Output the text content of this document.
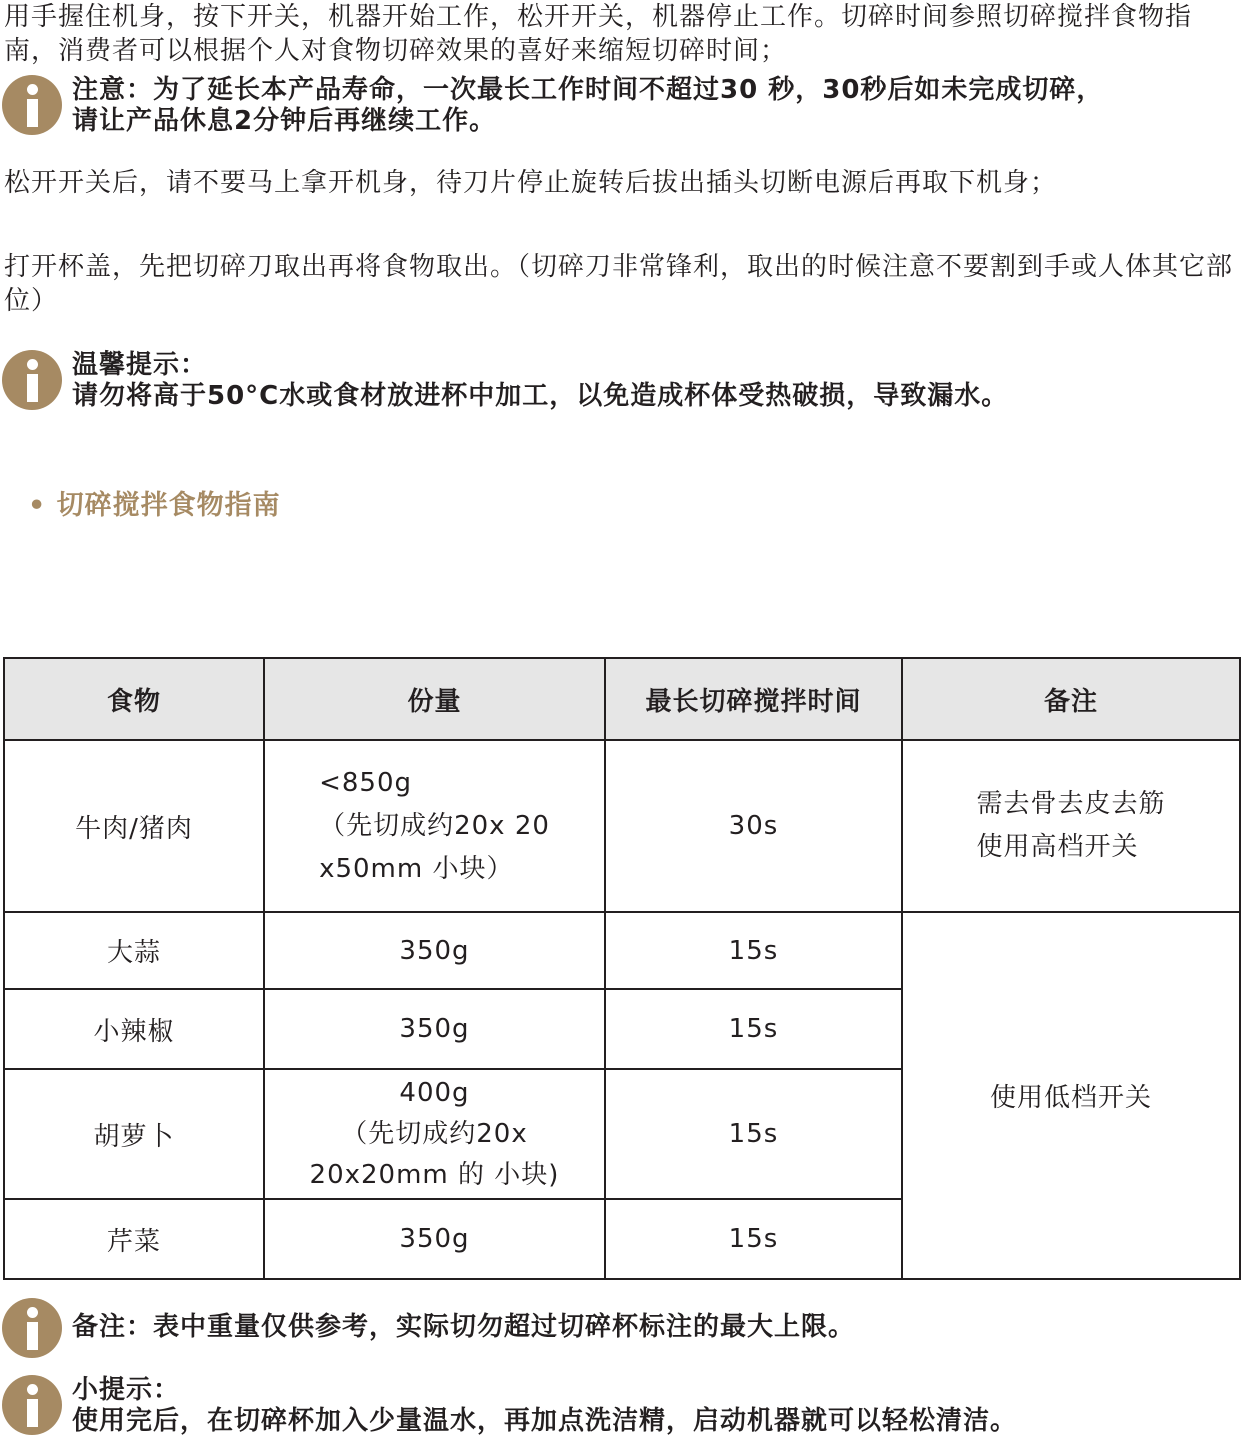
用手握住机身，按下开关，机器开始工作，松开开关，机器停止工作。切碎时间参照切碎搅拌食物指南，消费者可以根据个人对食物切碎效果的喜好来缩短切碎时间；

注意：为了延长本产品寿命，一次最长工作时间不超过30 秒，30秒后如未完成切碎，
请让产品休息2分钟后再继续工作。

松开开关后，请不要马上拿开机身，待刀片停止旋转后拔出插头切断电源后再取下机身；

打开杯盖，先把切碎刀取出再将食物取出。（切碎刀非常锋利，取出的时候注意不要割到手或人体其它部位）

温馨提示：
请勿将高于50°C水或食材放进杯中加工，以免造成杯体受热破损，导致漏水。
• 切碎搅拌食物指南
食物	份量	最长切碎搅拌时间	备注
牛肉/猪肉	<850g
（先切成约20x 20
x50mm 小块）	30s	需去骨去皮去筋
使用高档开关
大蒜	350g	15s	使用低档开关
小辣椒	350g	15s	
胡萝卜	400g
（先切成约20x
20x20mm 的 小块)	15s	
芹菜	350g	15s	
备注：表中重量仅供参考，实际切勿超过切碎杯标注的最大上限。
小提示：
使用完后，在切碎杯加入少量温水，再加点洗洁精，启动机器就可以轻松清洁。
